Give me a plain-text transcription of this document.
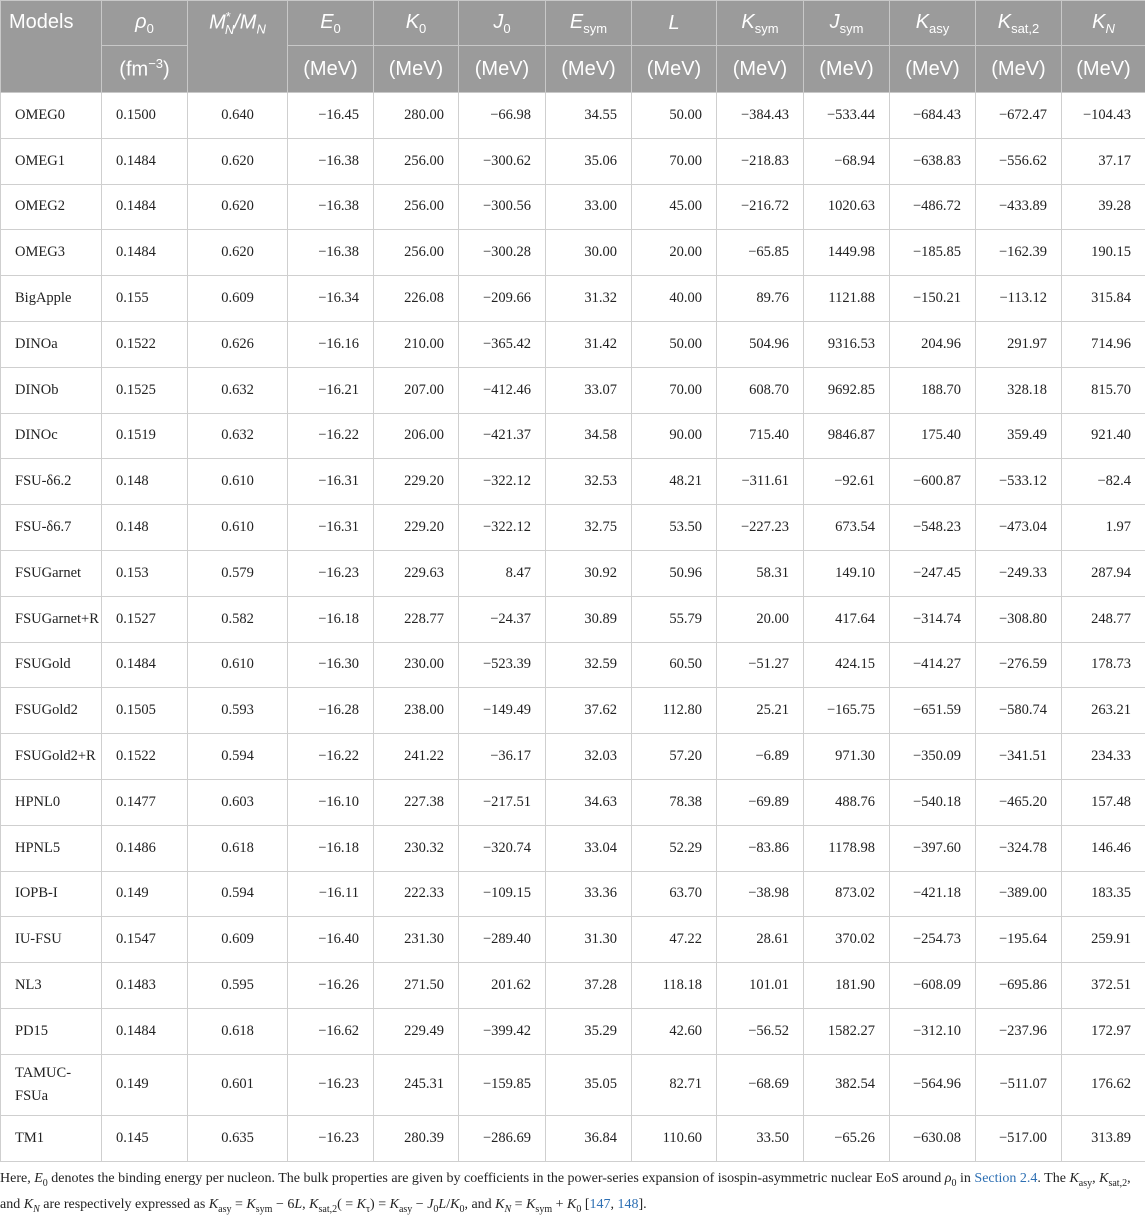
Models	$\rho_0$	$M^*_N/M_N$	$E_0$	$K_0$	$J_0$	$E_{sym}$	L	$K_{sym}$	$J_{sym}$	$K_{asy}$	$K_{sat,2}$	$K_N$
	$(fm^{-3})$		(MeV)	(MeV)	(MeV)	(MeV)	(MeV)	(MeV)	(MeV)	(MeV)	(MeV)	(MeV)
OMEG0	0.1500	0.640	−16.45	280.00	−66.98	34.55	50.00	−384.43	−533.44	−684.43	−672.47	−104.43
OMEG1	0.1484	0.620	−16.38	256.00	−300.62	35.06	70.00	−218.83	−68.94	−638.83	−556.62	37.17
OMEG2	0.1484	0.620	−16.38	256.00	−300.56	33.00	45.00	−216.72	1020.63	−486.72	−433.89	39.28
OMEG3	0.1484	0.620	−16.38	256.00	−300.28	30.00	20.00	−65.85	1449.98	−185.85	−162.39	190.15
BigApple	0.155	0.609	−16.34	226.08	−209.66	31.32	40.00	89.76	1121.88	−150.21	−113.12	315.84
DINOa	0.1522	0.626	−16.16	210.00	−365.42	31.42	50.00	504.96	9316.53	204.96	291.97	714.96
DINOb	0.1525	0.632	−16.21	207.00	−412.46	33.07	70.00	608.70	9692.85	188.70	328.18	815.70
DINOc	0.1519	0.632	−16.22	206.00	−421.37	34.58	90.00	715.40	9846.87	175.40	359.49	921.40
FSU-δ6.2	0.148	0.610	−16.31	229.20	−322.12	32.53	48.21	−311.61	−92.61	−600.87	−533.12	−82.4
FSU-δ6.7	0.148	0.610	−16.31	229.20	−322.12	32.75	53.50	−227.23	673.54	−548.23	−473.04	1.97
FSUGarnet	0.153	0.579	−16.23	229.63	8.47	30.92	50.96	58.31	149.10	−247.45	−249.33	287.94
FSUGarnet+R	0.1527	0.582	−16.18	228.77	−24.37	30.89	55.79	20.00	417.64	−314.74	−308.80	248.77
FSUGold	0.1484	0.610	−16.30	230.00	−523.39	32.59	60.50	−51.27	424.15	−414.27	−276.59	178.73
FSUGold2	0.1505	0.593	−16.28	238.00	−149.49	37.62	112.80	25.21	−165.75	−651.59	−580.74	263.21
FSUGold2+R	0.1522	0.594	−16.22	241.22	−36.17	32.03	57.20	−6.89	971.30	−350.09	−341.51	234.33
HPNL0	0.1477	0.603	−16.10	227.38	−217.51	34.63	78.38	−69.89	488.76	−540.18	−465.20	157.48
HPNL5	0.1486	0.618	−16.18	230.32	−320.74	33.04	52.29	−83.86	1178.98	−397.60	−324.78	146.46
IOPB-I	0.149	0.594	−16.11	222.33	−109.15	33.36	63.70	−38.98	873.02	−421.18	−389.00	183.35
IU-FSU	0.1547	0.609	−16.40	231.30	−289.40	31.30	47.22	28.61	370.02	−254.73	−195.64	259.91
NL3	0.1483	0.595	−16.26	271.50	201.62	37.28	118.18	101.01	181.90	−608.09	−695.86	372.51
PD15	0.1484	0.618	−16.62	229.49	−399.42	35.29	42.60	−56.52	1582.27	−312.10	−237.96	172.97
TAMUC-
FSUa	0.149	0.601	−16.23	245.31	−159.85	35.05	82.71	−68.69	382.54	−564.96	−511.07	176.62
TM1	0.145	0.635	−16.23	280.39	−286.69	36.84	110.60	33.50	−65.26	−630.08	−517.00	313.89
Here, $E_0$ denotes the binding energy per nucleon. The bulk properties are given by coefficients in the power-series expansion of isospin-asymmetric nuclear EoS around $\rho_0$ in Section 2.4. The $K_{asy}$, $K_{sat,2}$, and $K_N$ are respectively expressed as $K_{asy} = K_{sym} - 6L$, $K_{sat,2}( = K_\tau) = K_{asy} - J_0L/K_0$, and $K_N = K_{sym} + K_0$ [147, 148].
